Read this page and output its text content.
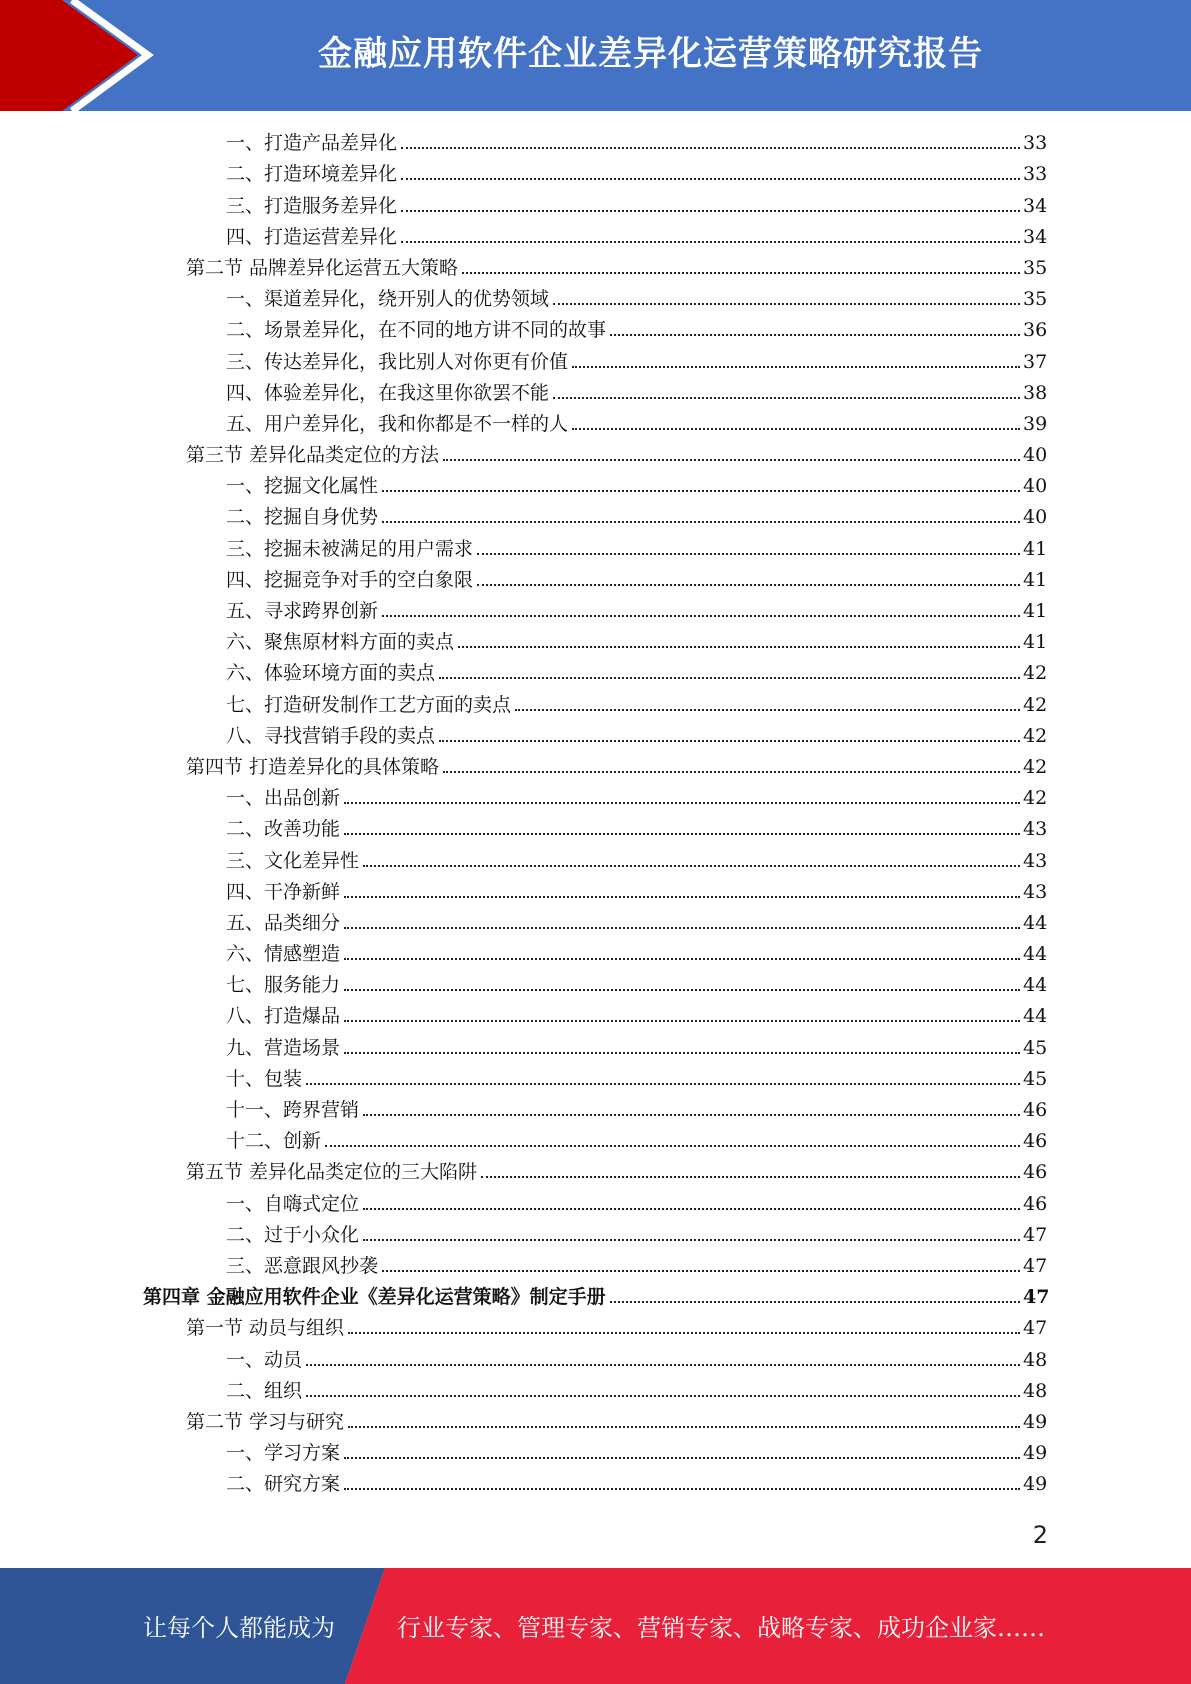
金融应用软件企业差异化运营策略研究报告
一、打造产品差异化	33
二、打造环境差异化	33
三、打造服务差异化	34
四、打造运营差异化	34
第二节 品牌差异化运营五大策略	35
一、渠道差异化，绕开别人的优势领域	35
二、场景差异化，在不同的地方讲不同的故事	36
三、传达差异化，我比别人对你更有价值	37
四、体验差异化，在我这里你欲罢不能	38
五、用户差异化，我和你都是不一样的人	39
第三节 差异化品类定位的方法	40
一、挖掘文化属性	40
二、挖掘自身优势	40
三、挖掘未被满足的用户需求	41
四、挖掘竞争对手的空白象限	41
五、寻求跨界创新	41
六、聚焦原材料方面的卖点	41
六、体验环境方面的卖点	42
七、打造研发制作工艺方面的卖点	42
八、寻找营销手段的卖点	42
第四节 打造差异化的具体策略	42
一、出品创新	42
二、改善功能	43
三、文化差异性	43
四、干净新鲜	43
五、品类细分	44
六、情感塑造	44
七、服务能力	44
八、打造爆品	44
九、营造场景	45
十、包装	45
十一、跨界营销	46
十二、创新	46
第五节 差异化品类定位的三大陷阱	46
一、自嗨式定位	46
二、过于小众化	47
三、恶意跟风抄袭	47
第四章 金融应用软件企业《差异化运营策略》制定手册	47
第一节 动员与组织	47
一、动员	48
二、组织	48
第二节 学习与研究	49
一、学习方案	49
二、研究方案	49
2
让每个人都能成为	行业专家、管理专家、营销专家、战略专家、成功企业家……
